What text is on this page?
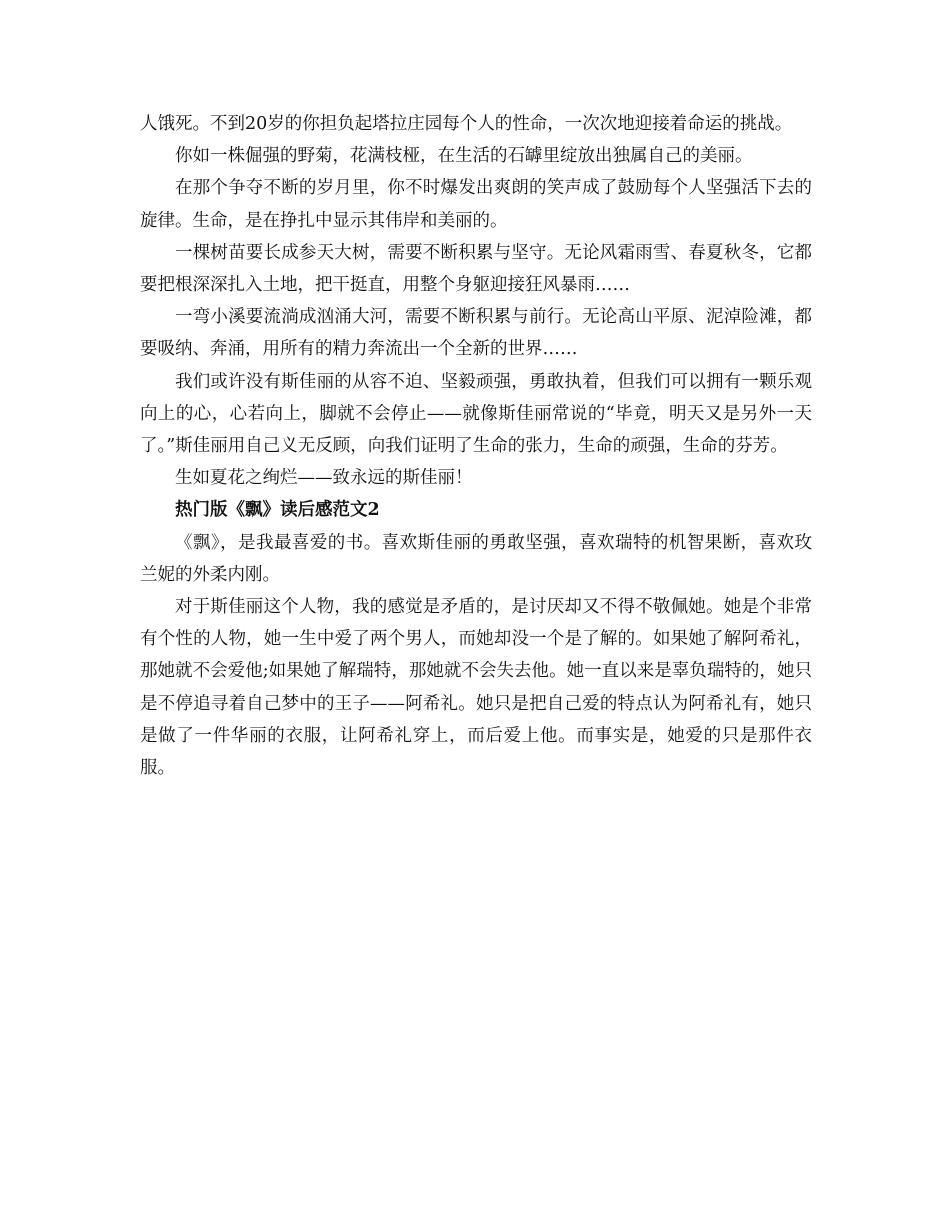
人饿死。不到20岁的你担负起塔拉庄园每个人的性命，一次次地迎接着命运的挑战。

你如一株倔强的野菊，花满枝桠，在生活的石罅里绽放出独属自己的美丽。

在那个争夺不断的岁月里，你不时爆发出爽朗的笑声成了鼓励每个人坚强活下去的旋律。生命，是在挣扎中显示其伟岸和美丽的。

一棵树苗要长成参天大树，需要不断积累与坚守。无论风霜雨雪、春夏秋冬，它都要把根深深扎入土地，把干挺直，用整个身躯迎接狂风暴雨……

一弯小溪要流淌成汹涌大河，需要不断积累与前行。无论高山平原、泥淖险滩，都要吸纳、奔涌，用所有的精力奔流出一个全新的世界……

我们或许没有斯佳丽的从容不迫、坚毅顽强，勇敢执着，但我们可以拥有一颗乐观向上的心，心若向上，脚就不会停止——就像斯佳丽常说的“毕竟，明天又是另外一天了。”斯佳丽用自己义无反顾，向我们证明了生命的张力，生命的顽强，生命的芬芳。

生如夏花之绚烂——致永远的斯佳丽！

热门版《飘》读后感范文2

《飘》，是我最喜爱的书。喜欢斯佳丽的勇敢坚强，喜欢瑞特的机智果断，喜欢玫兰妮的外柔内刚。

对于斯佳丽这个人物，我的感觉是矛盾的，是讨厌却又不得不敬佩她。她是个非常有个性的人物，她一生中爱了两个男人，而她却没一个是了解的。如果她了解阿希礼，那她就不会爱他;如果她了解瑞特，那她就不会失去他。她一直以来是辜负瑞特的，她只是不停追寻着自己梦中的王子——阿希礼。她只是把自己爱的特点认为阿希礼有，她只是做了一件华丽的衣服，让阿希礼穿上，而后爱上他。而事实是，她爱的只是那件衣服。
